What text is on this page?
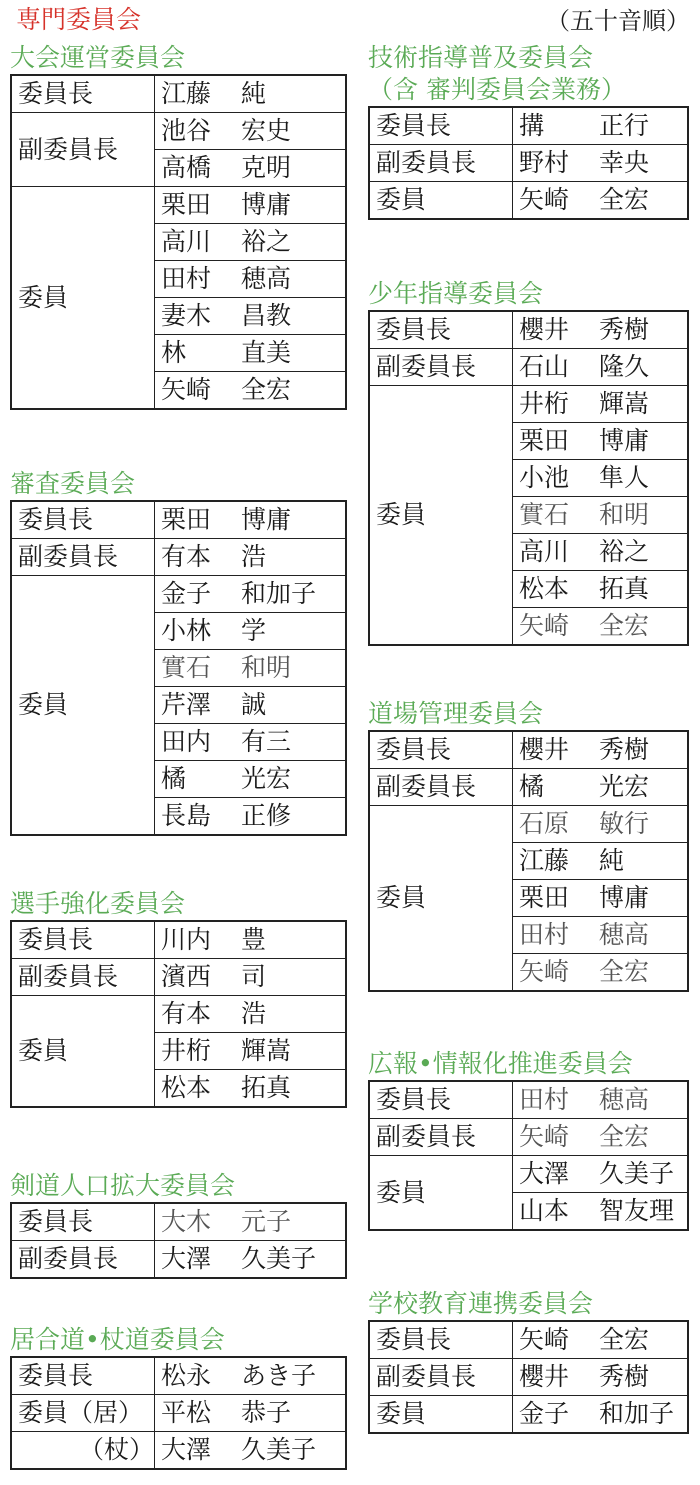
専門委員会	（五十音順）
大会運営委員会
委員長	江藤 純
副委員長	池谷 宏史
	高橋 克明
委員	栗田 博庸
	高川 裕之
	田村 穂高
	妻木 昌教
	林 直美
	矢崎 全宏
審査委員会
委員長	栗田 博庸
副委員長	有本 浩
委員	金子 和加子
	小林 学
	實石 和明
	芹澤 誠
	田内 有三
	橘 光宏
	長島 正修
選手強化委員会
委員長	川内 豊
副委員長	濱西 司
委員	有本 浩
	井桁 輝嵩
	松本 拓真
剣道人口拡大委員会
委員長	大木 元子
副委員長	大澤 久美子
居合道•杖道委員会
委員長	松永 あき子
委員（居）	平松 恭子
（杖）	大澤 久美子
技術指導普及委員会
（含 審判委員会業務）
委員長	搆 正行
副委員長	野村 幸央
委員	矢崎 全宏
少年指導委員会
委員長	櫻井 秀樹
副委員長	石山 隆久
委員	井桁 輝嵩
	栗田 博庸
	小池 隼人
	實石 和明
	高川 裕之
	松本 拓真
	矢崎 全宏
道場管理委員会
委員長	櫻井 秀樹
副委員長	橘 光宏
委員	石原 敏行
	江藤 純
	栗田 博庸
	田村 穂高
	矢崎 全宏
広報•情報化推進委員会
委員長	田村 穂高
副委員長	矢崎 全宏
委員	大澤 久美子
	山本 智友理
学校教育連携委員会
委員長	矢崎 全宏
副委員長	櫻井 秀樹
委員	金子 和加子
